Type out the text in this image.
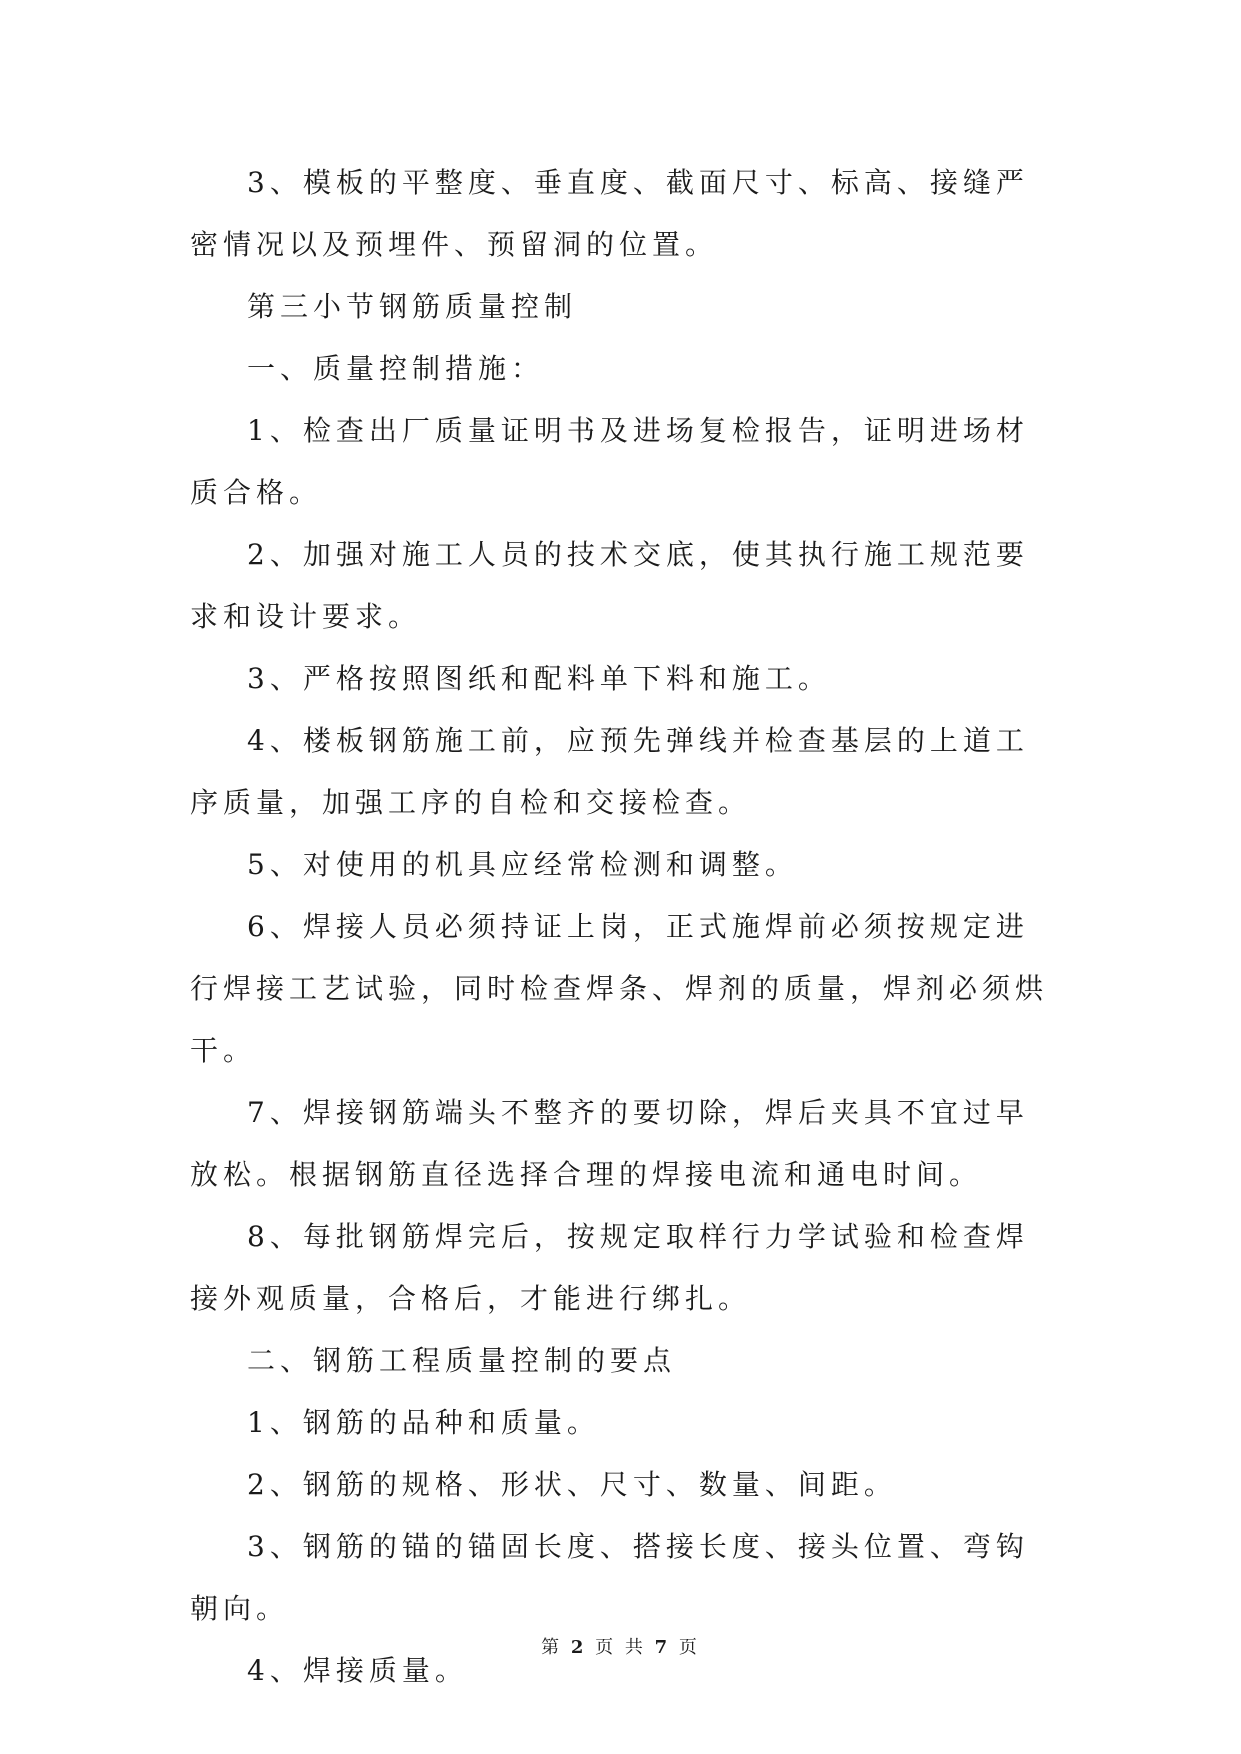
3、模板的平整度、垂直度、截面尺寸、标高、接缝严密情况以及预埋件、预留洞的位置。

第三小节钢筋质量控制

一、质量控制措施：

1、检查出厂质量证明书及进场复检报告，证明进场材质合格。

2、加强对施工人员的技术交底，使其执行施工规范要求和设计要求。

3、严格按照图纸和配料单下料和施工。

4、楼板钢筋施工前，应预先弹线并检查基层的上道工序质量，加强工序的自检和交接检查。

5、对使用的机具应经常检测和调整。

6、焊接人员必须持证上岗，正式施焊前必须按规定进行焊接工艺试验，同时检查焊条、焊剂的质量，焊剂必须烘干。

7、焊接钢筋端头不整齐的要切除，焊后夹具不宜过早放松。根据钢筋直径选择合理的焊接电流和通电时间。

8、每批钢筋焊完后，按规定取样行力学试验和检查焊接外观质量，合格后，才能进行绑扎。

二、钢筋工程质量控制的要点

1、钢筋的品种和质量。

2、钢筋的规格、形状、尺寸、数量、间距。

3、钢筋的锚的锚固长度、搭接长度、接头位置、弯钩朝向。

4、焊接质量。

第 2 页 共 7 页
